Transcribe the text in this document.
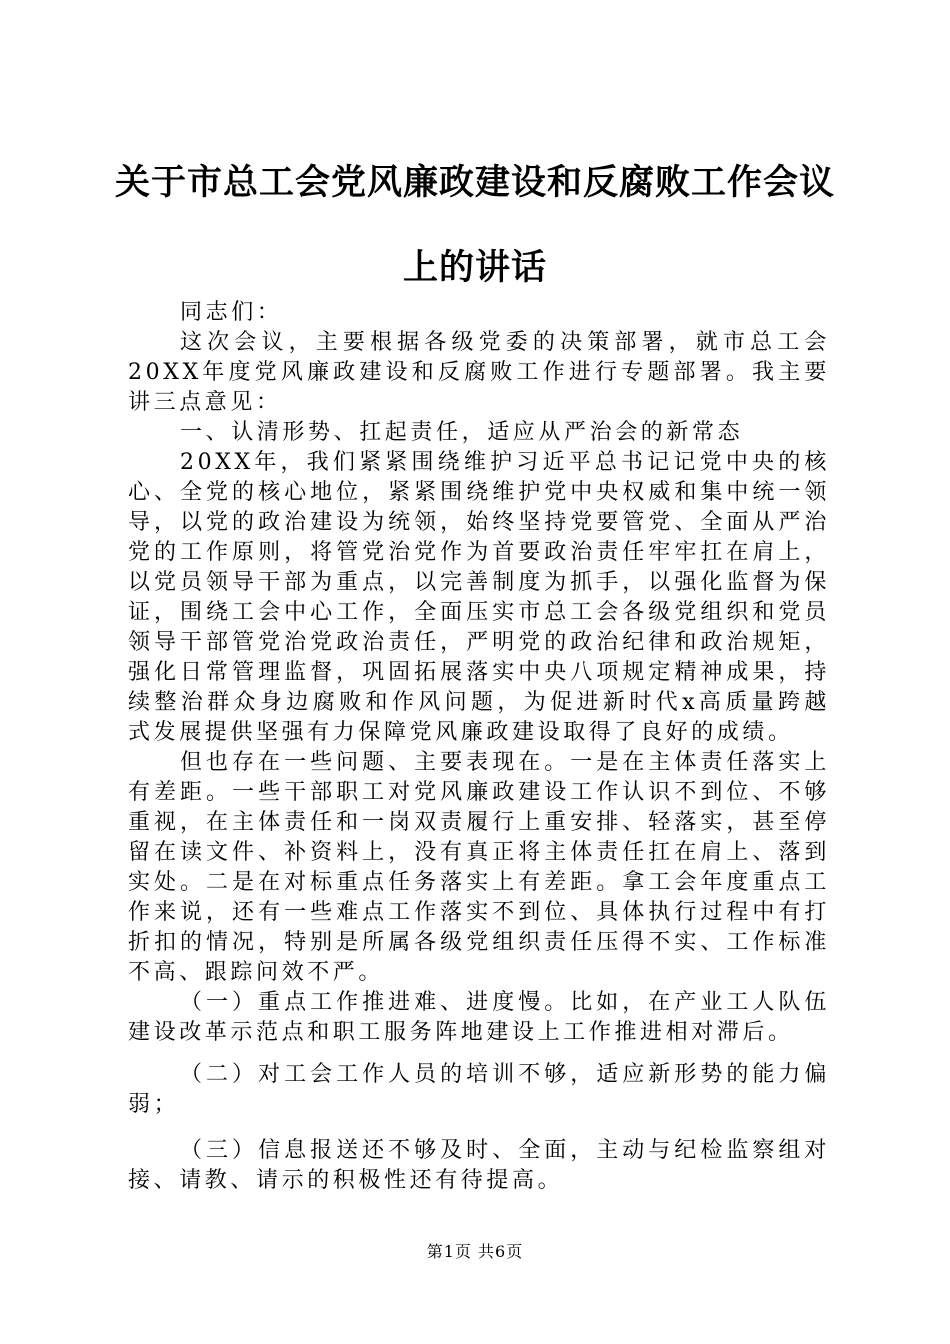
关于市总工会党风廉政建设和反腐败工作会议
上的讲话

同志们：

这次会议，主要根据各级党委的决策部署，就市总工会20XX年度党风廉政建设和反腐败工作进行专题部署。我主要讲三点意见：

一、认清形势、扛起责任，适应从严治会的新常态

20XX年，我们紧紧围绕维护习近平总书记记党中央的核心、全党的核心地位，紧紧围绕维护党中央权威和集中统一领导，以党的政治建设为统领，始终坚持党要管党、全面从严治党的工作原则，将管党治党作为首要政治责任牢牢扛在肩上，以党员领导干部为重点，以完善制度为抓手，以强化监督为保证，围绕工会中心工作，全面压实市总工会各级党组织和党员领导干部管党治党政治责任，严明党的政治纪律和政治规矩，强化日常管理监督，巩固拓展落实中央八项规定精神成果，持续整治群众身边腐败和作风问题，为促进新时代x高质量跨越式发展提供坚强有力保障党风廉政建设取得了良好的成绩。

但也存在一些问题、主要表现在。一是在主体责任落实上有差距。一些干部职工对党风廉政建设工作认识不到位、不够重视，在主体责任和一岗双责履行上重安排、轻落实，甚至停留在读文件、补资料上，没有真正将主体责任扛在肩上、落到实处。二是在对标重点任务落实上有差距。拿工会年度重点工作来说，还有一些难点工作落实不到位、具体执行过程中有打折扣的情况，特别是所属各级党组织责任压得不实、工作标准不高、跟踪问效不严。

（一）重点工作推进难、进度慢。比如，在产业工人队伍建设改革示范点和职工服务阵地建设上工作推进相对滞后。

（二）对工会工作人员的培训不够，适应新形势的能力偏弱；

（三）信息报送还不够及时、全面，主动与纪检监察组对接、请教、请示的积极性还有待提高。

第1页 共6页
